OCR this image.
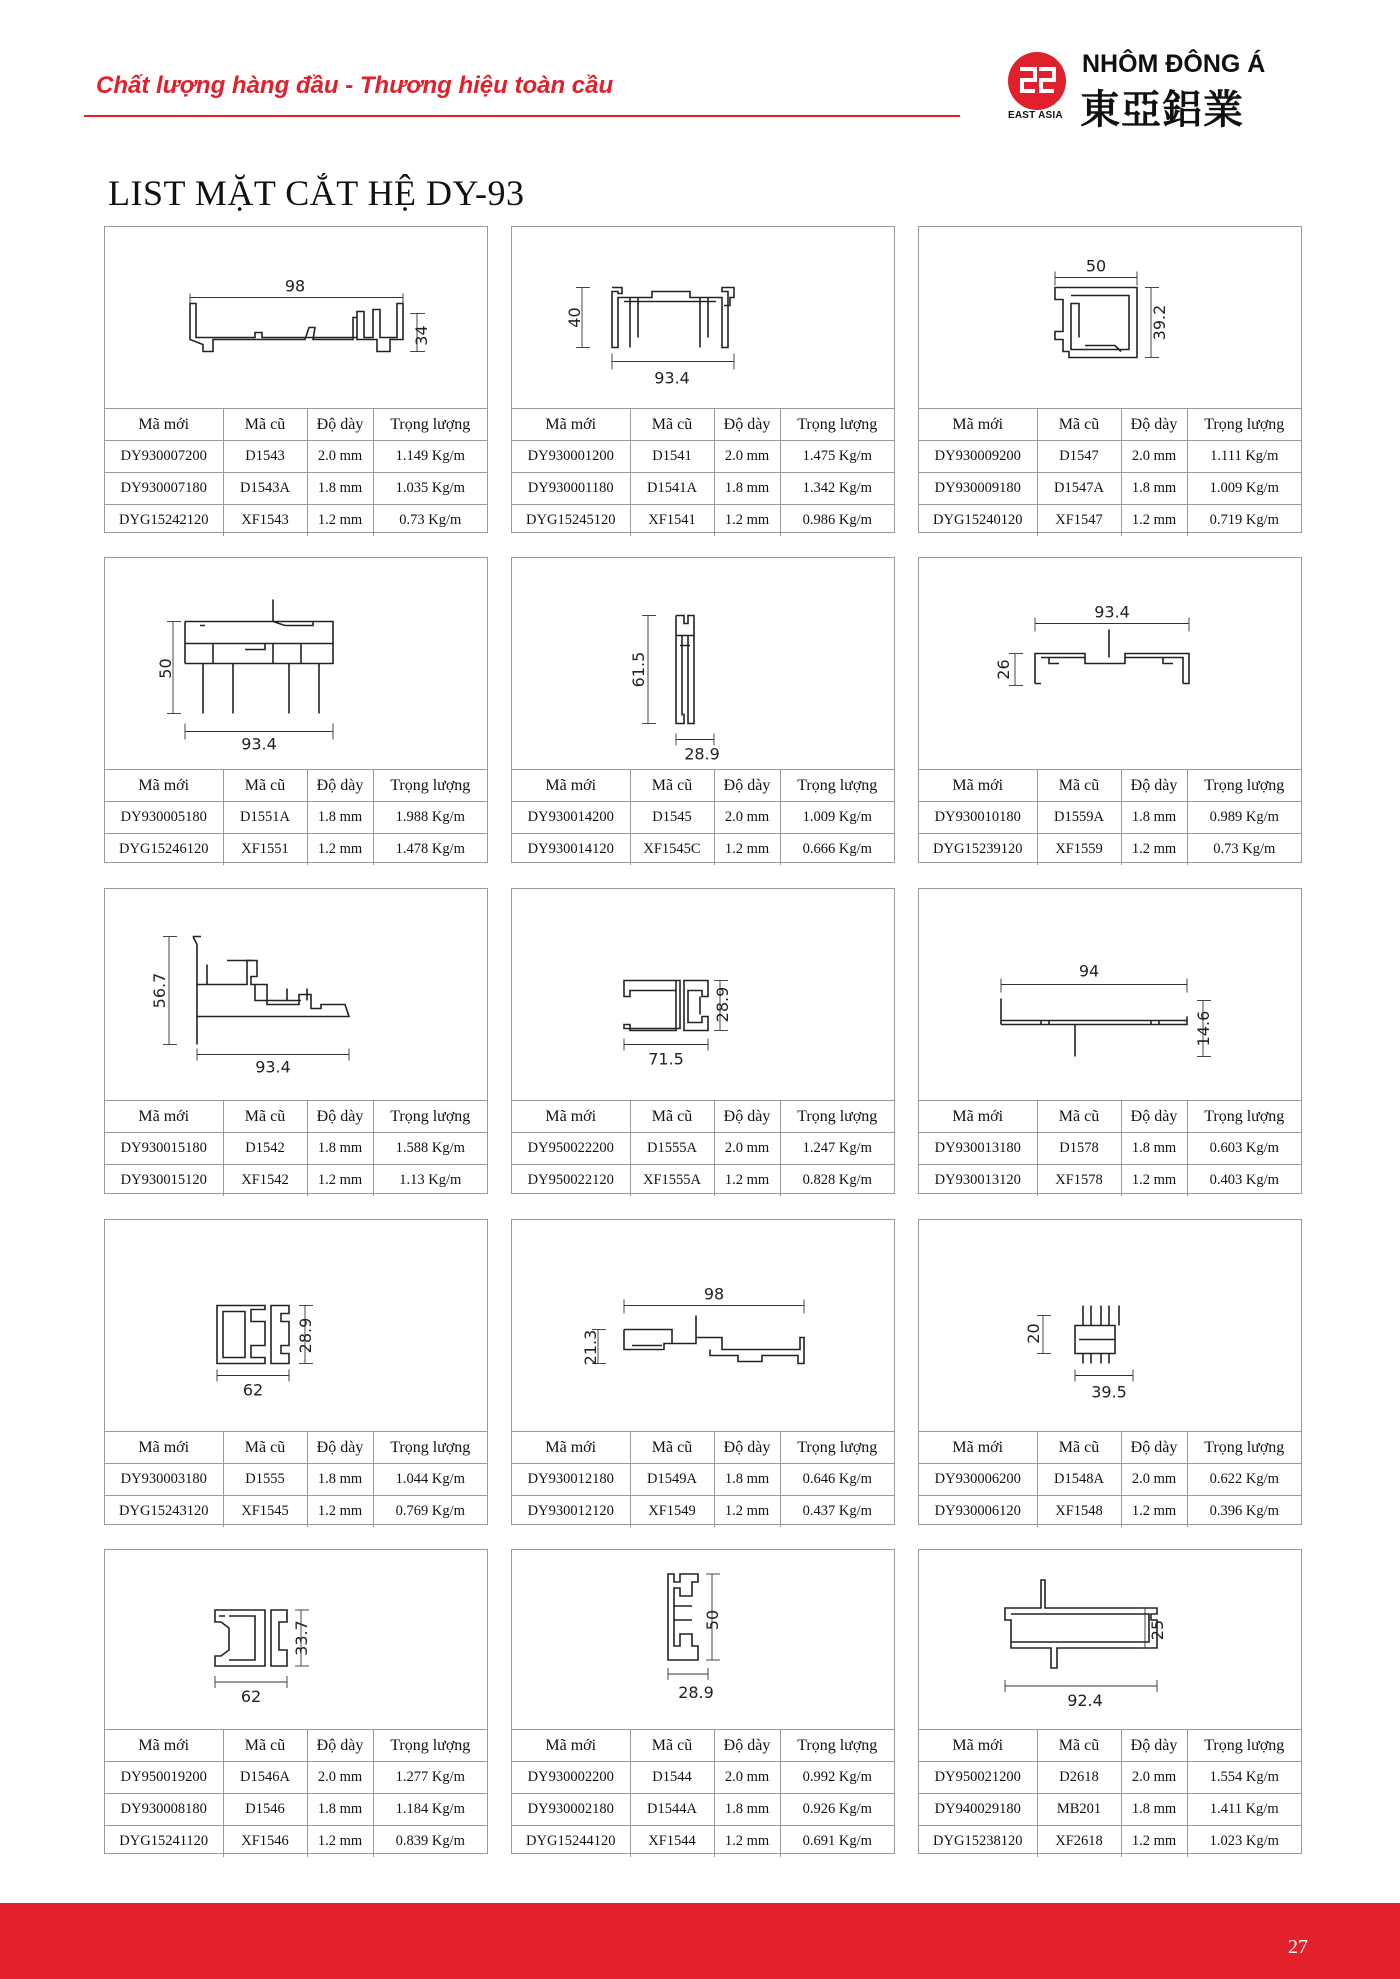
Chất lượng hàng đầu - Thương hiệu toàn cầu
EAST ASIA
NHÔM ĐÔNG Á
東亞鋁業
LIST MẶT CẮT HỆ DY-93
98
34
Mã mới	Mã cũ	Độ dày	Trọng lượng
DY930007200	D1543	2.0 mm	1.149 Kg/m
DY930007180	D1543A	1.8 mm	1.035 Kg/m
DYG15242120	XF1543	1.2 mm	0.73 Kg/m
40
93.4
Mã mới	Mã cũ	Độ dày	Trọng lượng
DY930001200	D1541	2.0 mm	1.475 Kg/m
DY930001180	D1541A	1.8 mm	1.342 Kg/m
DYG15245120	XF1541	1.2 mm	0.986 Kg/m
50
39.2
Mã mới	Mã cũ	Độ dày	Trọng lượng
DY930009200	D1547	2.0 mm	1.111 Kg/m
DY930009180	D1547A	1.8 mm	1.009 Kg/m
DYG15240120	XF1547	1.2 mm	0.719 Kg/m
50
93.4
Mã mới	Mã cũ	Độ dày	Trọng lượng
DY930005180	D1551A	1.8 mm	1.988 Kg/m
DYG15246120	XF1551	1.2 mm	1.478 Kg/m
61.5
28.9
Mã mới	Mã cũ	Độ dày	Trọng lượng
DY930014200	D1545	2.0 mm	1.009 Kg/m
DY930014120	XF1545C	1.2 mm	0.666 Kg/m
93.4
26
Mã mới	Mã cũ	Độ dày	Trọng lượng
DY930010180	D1559A	1.8 mm	0.989 Kg/m
DYG15239120	XF1559	1.2 mm	0.73 Kg/m
56.7
93.4
Mã mới	Mã cũ	Độ dày	Trọng lượng
DY930015180	D1542	1.8 mm	1.588 Kg/m
DY930015120	XF1542	1.2 mm	1.13 Kg/m
28.9
71.5
Mã mới	Mã cũ	Độ dày	Trọng lượng
DY950022200	D1555A	2.0 mm	1.247 Kg/m
DY950022120	XF1555A	1.2 mm	0.828 Kg/m
94
14.6
Mã mới	Mã cũ	Độ dày	Trọng lượng
DY930013180	D1578	1.8 mm	0.603 Kg/m
DY930013120	XF1578	1.2 mm	0.403 Kg/m
28.9
62
Mã mới	Mã cũ	Độ dày	Trọng lượng
DY930003180	D1555	1.8 mm	1.044 Kg/m
DYG15243120	XF1545	1.2 mm	0.769 Kg/m
98
21.3
Mã mới	Mã cũ	Độ dày	Trọng lượng
DY930012180	D1549A	1.8 mm	0.646 Kg/m
DY930012120	XF1549	1.2 mm	0.437 Kg/m
20
39.5
Mã mới	Mã cũ	Độ dày	Trọng lượng
DY930006200	D1548A	2.0 mm	0.622 Kg/m
DY930006120	XF1548	1.2 mm	0.396 Kg/m
33.7
62
Mã mới	Mã cũ	Độ dày	Trọng lượng
DY950019200	D1546A	2.0 mm	1.277 Kg/m
DY930008180	D1546	1.8 mm	1.184 Kg/m
DYG15241120	XF1546	1.2 mm	0.839 Kg/m
50
28.9
Mã mới	Mã cũ	Độ dày	Trọng lượng
DY930002200	D1544	2.0 mm	0.992 Kg/m
DY930002180	D1544A	1.8 mm	0.926 Kg/m
DYG15244120	XF1544	1.2 mm	0.691 Kg/m
25
92.4
Mã mới	Mã cũ	Độ dày	Trọng lượng
DY950021200	D2618	2.0 mm	1.554 Kg/m
DY940029180	MB201	1.8 mm	1.411 Kg/m
DYG15238120	XF2618	1.2 mm	1.023 Kg/m
27
